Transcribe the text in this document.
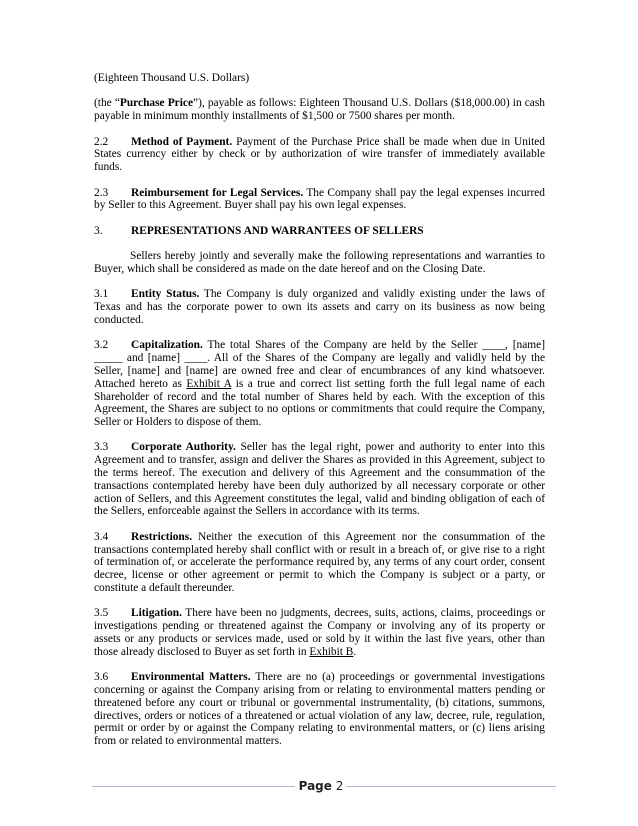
(Eighteen Thousand U.S. Dollars)
(the “Purchase Price”), payable as follows: Eighteen Thousand U.S. Dollars ($18,000.00) in cash payable in minimum monthly installments of $1,500 or 7500 shares per month.
2.2 Method of Payment. Payment of the Purchase Price shall be made when due in United States currency either by check or by authorization of wire transfer of immediately available funds.
2.3 Reimbursement for Legal Services. The Company shall pay the legal expenses incurred by Seller to this Agreement. Buyer shall pay his own legal expenses.
3. REPRESENTATIONS AND WARRANTEES OF SELLERS
Sellers hereby jointly and severally make the following representations and warranties to Buyer, which shall be considered as made on the date hereof and on the Closing Date.
3.1 Entity Status. The Company is duly organized and validly existing under the laws of Texas and has the corporate power to own its assets and carry on its business as now being conducted.
3.2 Capitalization. The total Shares of the Company are held by the Seller ____, [name] _____ and [name] ____. All of the Shares of the Company are legally and validly held by the Seller, [name] and [name] are owned free and clear of encumbrances of any kind whatsoever. Attached hereto as Exhibit A is a true and correct list setting forth the full legal name of each Shareholder of record and the total number of Shares held by each. With the exception of this Agreement, the Shares are subject to no options or commitments that could require the Company, Seller or Holders to dispose of them.
3.3 Corporate Authority. Seller has the legal right, power and authority to enter into this Agreement and to transfer, assign and deliver the Shares as provided in this Agreement, subject to the terms hereof. The execution and delivery of this Agreement and the consummation of the transactions contemplated hereby have been duly authorized by all necessary corporate or other action of Sellers, and this Agreement constitutes the legal, valid and binding obligation of each of the Sellers, enforceable against the Sellers in accordance with its terms.
3.4 Restrictions. Neither the execution of this Agreement nor the consummation of the transactions contemplated hereby shall conflict with or result in a breach of, or give rise to a right of termination of, or accelerate the performance required by, any terms of any court order, consent decree, license or other agreement or permit to which the Company is subject or a party, or constitute a default thereunder.
3.5 Litigation. There have been no judgments, decrees, suits, actions, claims, proceedings or investigations pending or threatened against the Company or involving any of its property or assets or any products or services made, used or sold by it within the last five years, other than those already disclosed to Buyer as set forth in Exhibit B.
3.6 Environmental Matters. There are no (a) proceedings or governmental investigations concerning or against the Company arising from or relating to environmental matters pending or threatened before any court or tribunal or governmental instrumentality, (b) citations, summons, directives, orders or notices of a threatened or actual violation of any law, decree, rule, regulation, permit or order by or against the Company relating to environmental matters, or (c) liens arising from or related to environmental matters.
Page 2
